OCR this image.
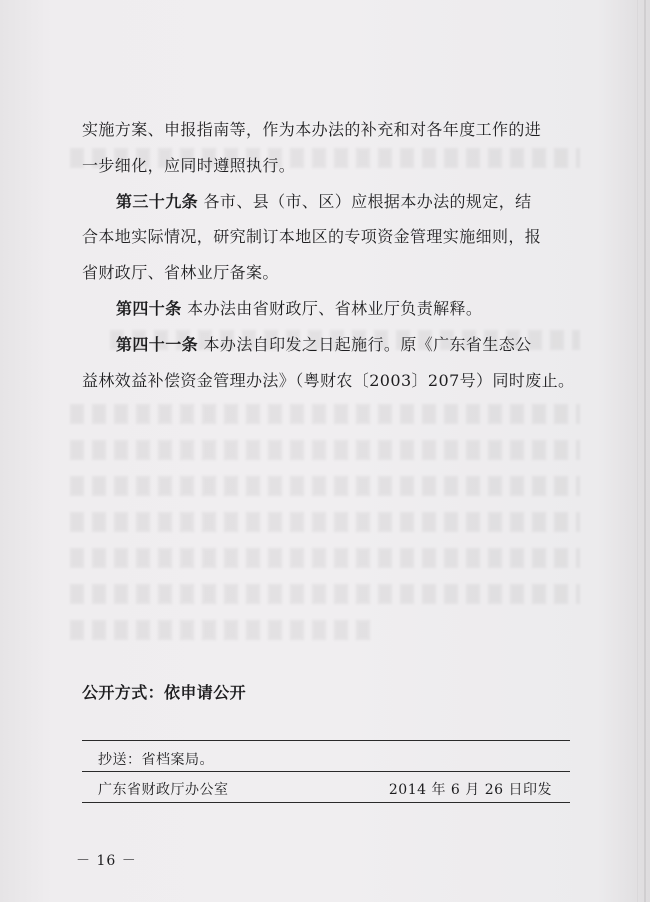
实施方案、申报指南等，作为本办法的补充和对各年度工作的进
一步细化，应同时遵照执行。
第三十九条 各市、县（市、区）应根据本办法的规定，结
合本地实际情况，研究制订本地区的专项资金管理实施细则，报
省财政厅、省林业厅备案。
第四十条 本办法由省财政厅、省林业厅负责解释。
第四十一条 本办法自印发之日起施行。原《广东省生态公
益林效益补偿资金管理办法》（粤财农〔2003〕207号）同时废止。
公开方式：依申请公开
抄送：省档案局。
广东省财政厅办公室	2014 年 6 月 26 日印发
－ 16 －
